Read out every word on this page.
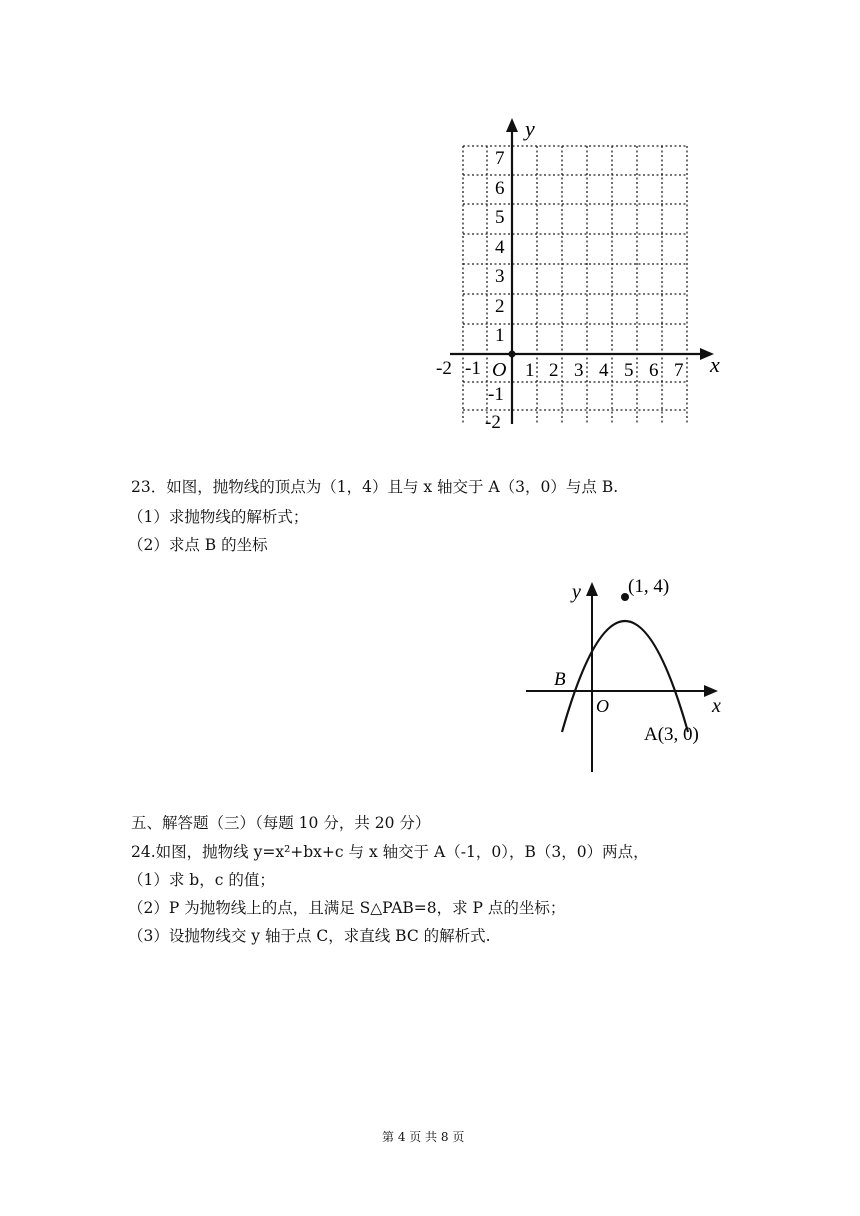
y
x
O
-2 -1 1 2 3 4 5 6 7
7
6
5
4
3
2
1
-1
-2
23．如图，抛物线的顶点为（1，4）且与 x 轴交于 A（3，0）与点 B.
（1）求抛物线的解析式；
（2）求点 B 的坐标
y
x
O
B
(1, 4)
A(3, 0)
五、解答题（三）（每题 10 分，共 20 分）
24.如图，抛物线 y=x²+bx+c 与 x 轴交于 A（-1，0），B（3，0）两点，
（1）求 b，c 的值；
（2）P 为抛物线上的点，且满足 S△PAB=8，求 P 点的坐标；
（3）设抛物线交 y 轴于点 C，求直线 BC 的解析式.
第 4 页 共 8 页
